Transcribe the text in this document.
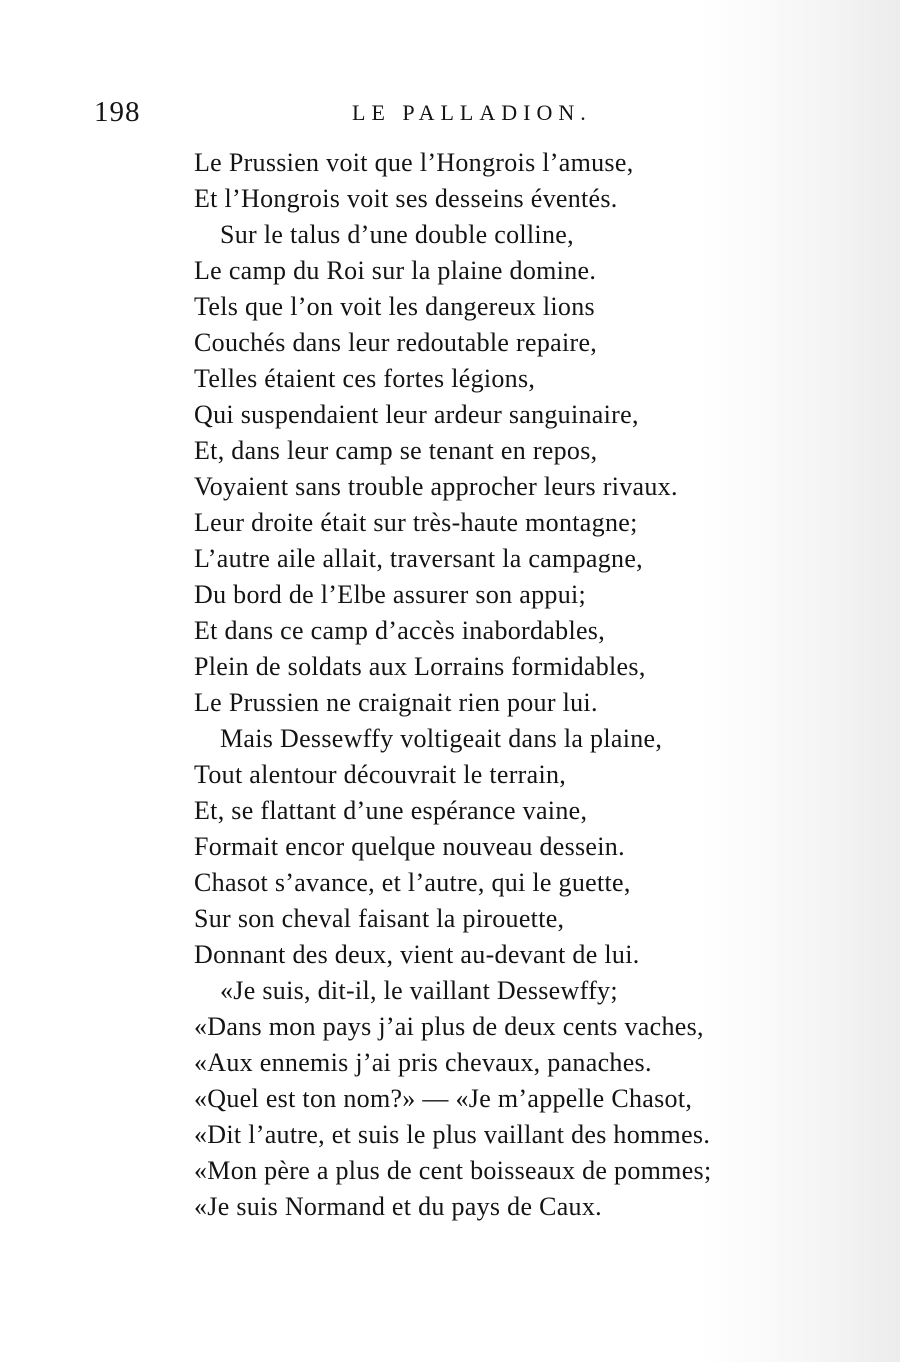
198	LE PALLADION.
Le Prussien voit que l’Hongrois l’amuse,
Et l’Hongrois voit ses desseins éventés.
Sur le talus d’une double colline,
Le camp du Roi sur la plaine domine.
Tels que l’on voit les dangereux lions
Couchés dans leur redoutable repaire,
Telles étaient ces fortes légions,
Qui suspendaient leur ardeur sanguinaire,
Et, dans leur camp se tenant en repos,
Voyaient sans trouble approcher leurs rivaux.
Leur droite était sur très-haute montagne;
L’autre aile allait, traversant la campagne,
Du bord de l’Elbe assurer son appui;
Et dans ce camp d’accès inabordables,
Plein de soldats aux Lorrains formidables,
Le Prussien ne craignait rien pour lui.
Mais Dessewffy voltigeait dans la plaine,
Tout alentour découvrait le terrain,
Et, se flattant d’une espérance vaine,
Formait encor quelque nouveau dessein.
Chasot s’avance, et l’autre, qui le guette,
Sur son cheval faisant la pirouette,
Donnant des deux, vient au-devant de lui.
«Je suis, dit-il, le vaillant Dessewffy;
«Dans mon pays j’ai plus de deux cents vaches,
«Aux ennemis j’ai pris chevaux, panaches.
«Quel est ton nom?» — «Je m’appelle Chasot,
«Dit l’autre, et suis le plus vaillant des hommes.
«Mon père a plus de cent boisseaux de pommes;
«Je suis Normand et du pays de Caux.
